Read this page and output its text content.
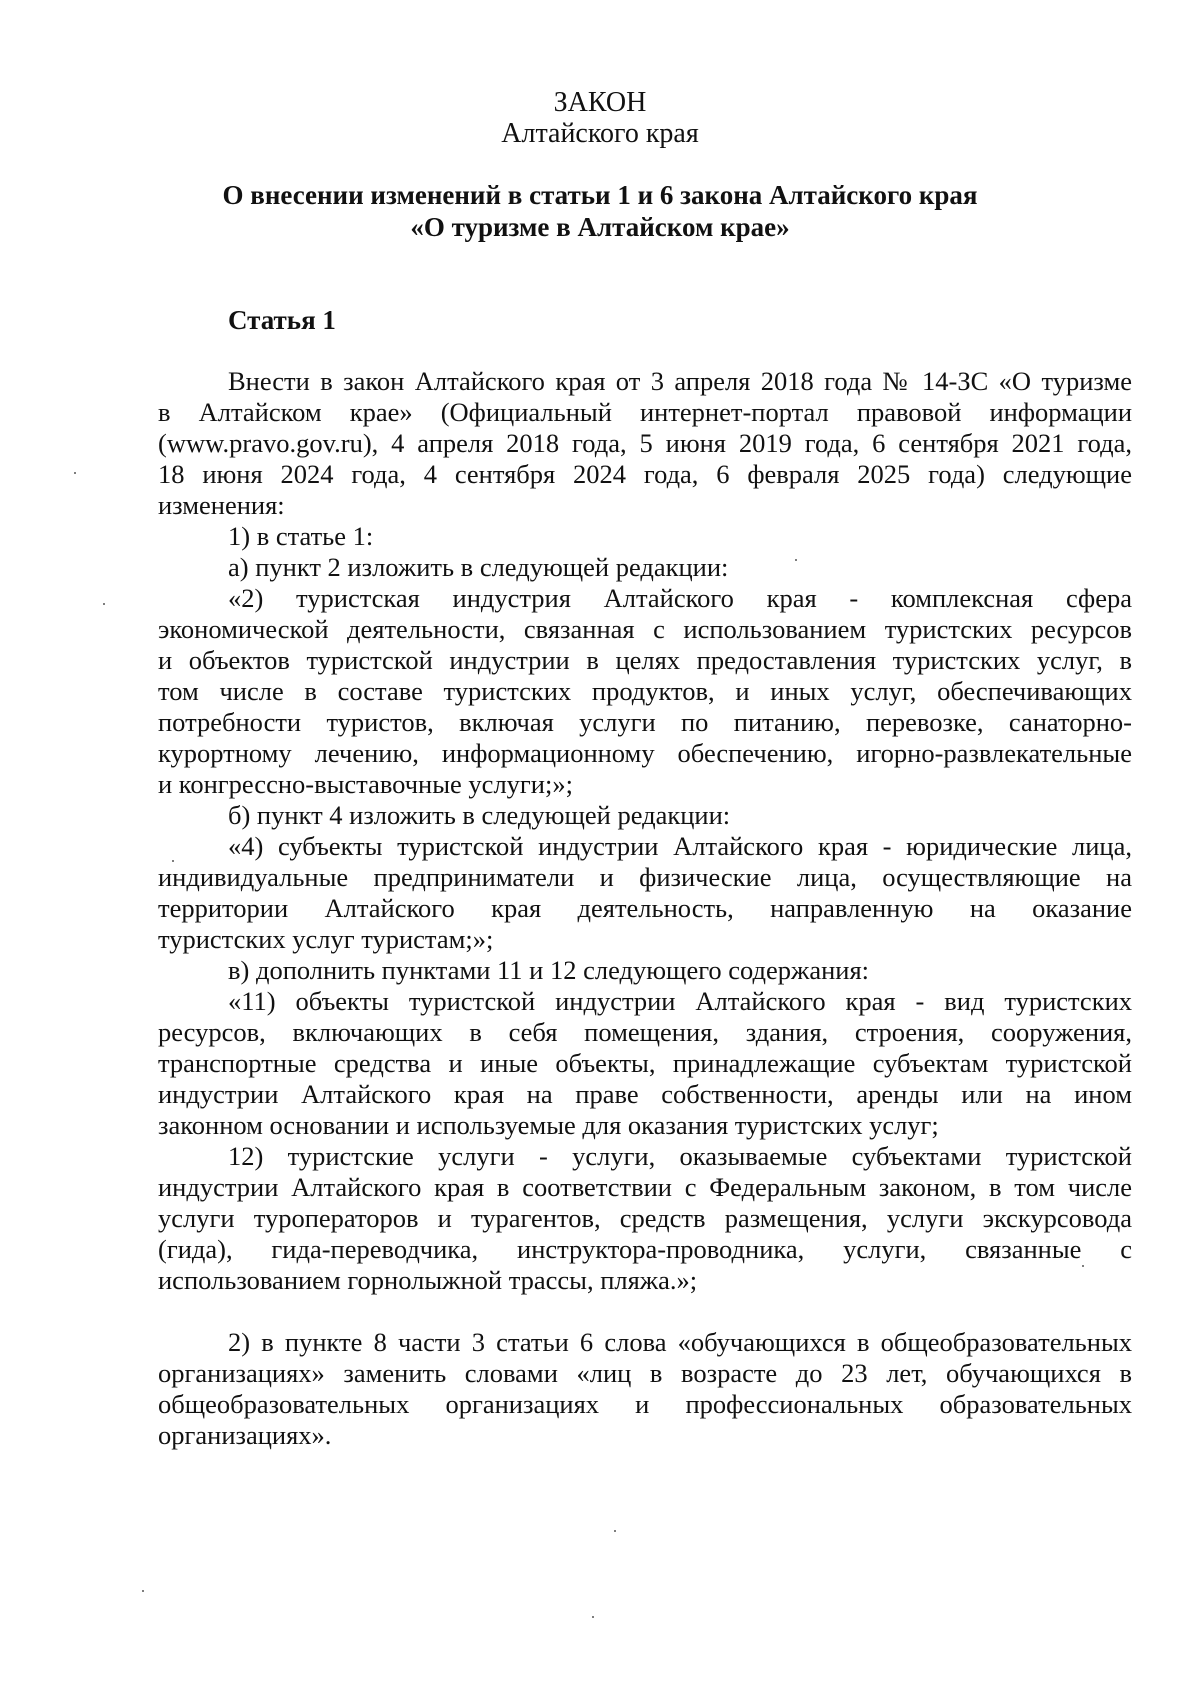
ЗАКОН

Алтайского края

О внесении изменений в статьи 1 и 6 закона Алтайского края

«О туризме в Алтайском крае»

Статья 1

Внести в закон Алтайского края от 3 апреля 2018 года № 14-ЗС «О туризме

в Алтайском крае» (Официальный интернет-портал правовой информации

(www.pravo.gov.ru), 4 апреля 2018 года, 5 июня 2019 года, 6 сентября 2021 года,

18 июня 2024 года, 4 сентября 2024 года, 6 февраля 2025 года) следующие

изменения:

1) в статье 1:

а) пункт 2 изложить в следующей редакции:

«2) туристская индустрия Алтайского края - комплексная сфера

экономической деятельности, связанная с использованием туристских ресурсов

и объектов туристской индустрии в целях предоставления туристских услуг, в

том числе в составе туристских продуктов, и иных услуг, обеспечивающих

потребности туристов, включая услуги по питанию, перевозке, санаторно-

курортному лечению, информационному обеспечению, игорно-развлекательные

и конгрессно-выставочные услуги;»;

б) пункт 4 изложить в следующей редакции:

«4) субъекты туристской индустрии Алтайского края - юридические лица,

индивидуальные предприниматели и физические лица, осуществляющие на

территории Алтайского края деятельность, направленную на оказание

туристских услуг туристам;»;

в) дополнить пунктами 11 и 12 следующего содержания:

«11) объекты туристской индустрии Алтайского края - вид туристских

ресурсов, включающих в себя помещения, здания, строения, сооружения,

транспортные средства и иные объекты, принадлежащие субъектам туристской

индустрии Алтайского края на праве собственности, аренды или на ином

законном основании и используемые для оказания туристских услуг;

12) туристские услуги - услуги, оказываемые субъектами туристской

индустрии Алтайского края в соответствии с Федеральным законом, в том числе

услуги туроператоров и турагентов, средств размещения, услуги экскурсовода

(гида), гида-переводчика, инструктора-проводника, услуги, связанные с

использованием горнолыжной трассы, пляжа.»;

2) в пункте 8 части 3 статьи 6 слова «обучающихся в общеобразовательных

организациях» заменить словами «лиц в возрасте до 23 лет, обучающихся в

общеобразовательных организациях и профессиональных образовательных

организациях».
